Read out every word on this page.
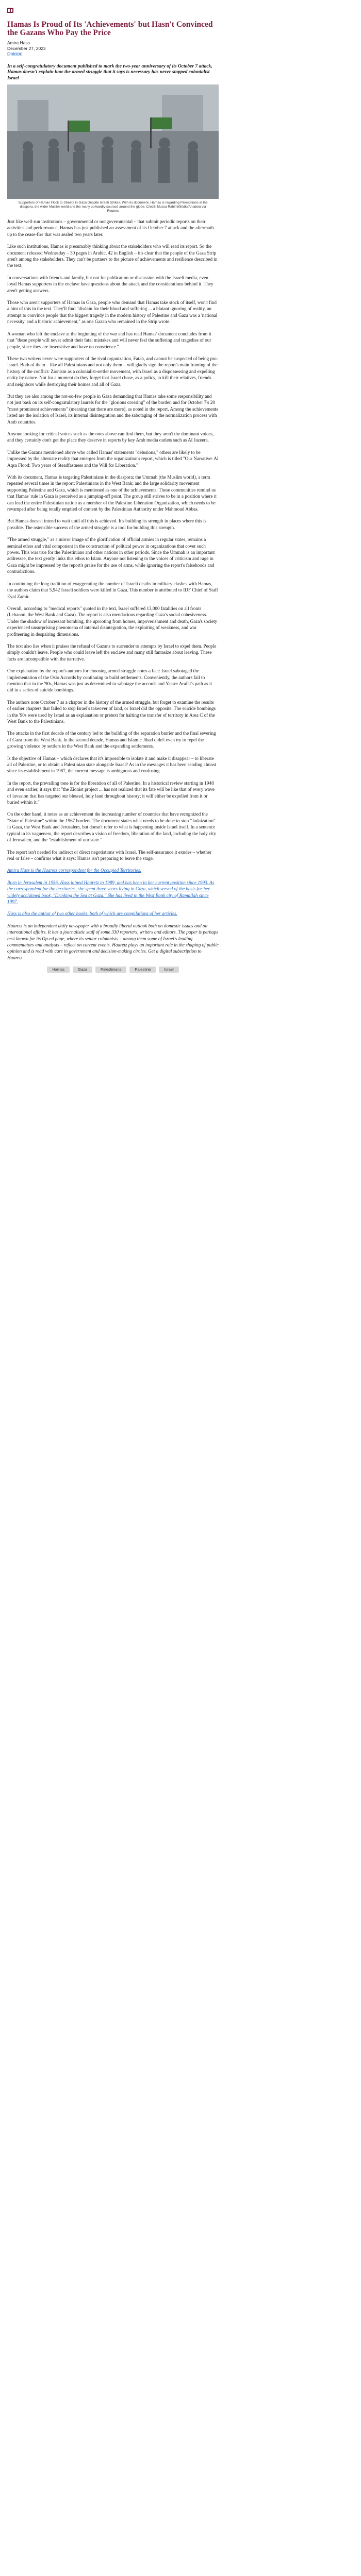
Hamas Is Proud of Its 'Achievements' but Hasn't Convinced the Gazans Who Pay the Price
Amira Hass
December 27, 2023
Opinion
In a self-congratulatory document published to mark the two-year anniversary of its October 7 attack, Hamas doesn't explain how the armed struggle that it says is necessary has never stopped colonialist Israel
Supporters of Hamas Flock to Streets in Gaza Despite Israeli Strikes. With its document, Hamas is regarding Palestinians in the diaspora, the wider Muslim world and the many outwardly-sourced around the globe. Credit: Mussa Rahimi/Stidio/Anadolu via Reuters

Just like well-run institutions – governmental or nongovernmental – that submit periodic reports on their activities and performance, Hamas has just published an assessment of its October 7 attack and the aftermath up to the cease-fire that was sealed two years later.

Like such institutions, Hamas is presumably thinking about the stakeholders who will read its report. So the document released Wednesday – 30 pages in Arabic, 42 in English – it's clear that the people of the Gaza Strip aren't among the stakeholders. They can't be partners to the picture of achievements and resilience described in the text.

In conversations with friends and family, but not for publication or discussion with the Israeli media, even loyal Hamas supporters in the enclave have questions about the attack and the considerations behind it. They aren't getting answers.

Those who aren't supporters of Hamas in Gaza, people who demand that Hamas take stock of itself, won't find a hint of this in the text. They'll find "disdain for their blood and suffering ... a blatant ignoring of reality, an attempt to convince people that the biggest tragedy in the modern history of Palestine and Gaza was a 'national necessity' and a historic achievement," as one Gazan who remained in the Strip wrote.

A woman who left the enclave at the beginning of the war and has read Hamas' document concludes from it that "these people will never admit their fatal mistakes and will never feel the suffering and tragedies of our people, since they are insensitive and have no conscience."

These two writers never were supporters of the rival organization, Fatah, and cannot be suspected of being pro-Israel. Both of them – like all Palestinians and not only them – will gladly sign the report's main framing of the history of the conflict: Zionism as a colonialist-settler movement, with Israel as a dispossessing and expelling entity by nature. Not for a moment do they forget that Israel chose, as a policy, to kill their relatives, friends and neighbors while destroying their homes and all of Gaza.

But they are also among the not-so-few people in Gaza demanding that Hamas take some responsibility and not just bask on its self-congratulatory laurels for the "glorious crossing" of the border, and for October 7's 20 "most prominent achievements" (meaning that there are more), as noted in the report. Among the achievements listed are the isolation of Israel, its internal disintegration and the sabotaging of the normalization process with Arab countries.

Anyone looking for critical voices such as the ones above can find them, but they aren't the dominant voices, and they certainly don't get the place they deserve in reports by key Arab media outlets such as Al Jazeera.

Unlike the Gazans mentioned above who called Hamas' statements "delusions," others are likely to be impressed by the alternate reality that emerges from the organization's report, which is titled "Our Narrative: Al Aqsa Flood: Two years of Steadfastness and the Will for Liberation."

With its document, Hamas is targeting Palestinians in the diaspora; the Ummah (the Muslim world), a term repeated several times in the report; Palestinians in the West Bank; and the large solidarity movement supporting Palestine and Gaza, which is mentioned as one of the achievements. These communities remind us that Hamas' rule in Gaza is perceived as a jumping-off point. The group still strives to be in a position where it can lead the entire Palestinian nation as a member of the Palestine Liberation Organization, which needs to be revamped after being totally emptied of content by the Palestinian Authority under Mahmoud Abbas.

But Hamas doesn't intend to wait until all this is achieved. It's building its strength in places where this is possible. The ostensible success of the armed struggle is a tool for building this strength.

"The armed struggle," as a mirror image of the glorification of official armies in regular states, remains a seminal ethos and vital component in the construction of political power in organizations that cover such power. This was true for the Palestinians and other nations in other periods. Since the Ummah is an important addressee, the text gently links this ethos to Islam. Anyone not listening to the voices of criticism and rage in Gaza might be impressed by the report's praise for the use of arms, while ignoring the report's falsehoods and contradictions.

In continuing the long tradition of exaggerating the number of Israeli deaths in military clashes with Hamas, the authors claim that 5,942 Israeli soldiers were killed in Gaza. This number is attributed to IDF Chief of Staff Eyal Zamir.

Overall, according to "medical reports" quoted in the text, Israel suffered 13,000 fatalities on all fronts (Lebanon, the West Bank and Gaza). The report is also mendacious regarding Gaza's social cohesiveness. Under the shadow of incessant bombing, the uprooting from homes, impoverishment and death, Gaza's society experienced unsurprising phenomena of internal disintegration, the exploiting of weakness, and war profiteering in despairing dimensions.

The text also lies when it praises the refusal of Gazans to surrender to attempts by Israel to expel them. People simply couldn't leave. People who could leave left the enclave and many still fantasize about leaving. These facts are incompatible with the narrative.

One explanation by the report's authors for choosing armed struggle notes a fact: Israel sabotaged the implementation of the Oslo Accords by continuing to build settlements. Conveniently, the authors fail to mention that in the '90s, Hamas was just as determined to sabotage the accords and Yasser Arafat's path as it did in a series of suicide bombings.

The authors note October 7 as a chapter in the history of the armed struggle, but forget to examine the results of earlier chapters that failed to stop Israel's takeover of land, or Israel did the opposite. The suicide bombings in the '90s were used by Israel as an explanation or pretext for halting the transfer of territory in Area C of the West Bank to the Palestinians.

The attacks in the first decade of the century led to the building of the separation barrier and the final severing of Gaza from the West Bank. In the second decade, Hamas and Islamic Jihad didn't even try to repel the growing violence by settlers in the West Bank and the expanding settlements.

Is the objective of Hamas – which declares that it's impossible to isolate it and make it disappear – to liberate all of Palestine, or to obtain a Palestinian state alongside Israel? As in the messages it has been sending almost since its establishment in 1987, the current message is ambiguous and confusing.

In the report, the prevailing tone is for the liberation of all of Palestine. In a historical review starting in 1948 and even earlier, it says that "the Zionist project ... has not realized that its fate will be like that of every wave of invasion that has targeted our blessed, holy land throughout history; it will either be expelled from it or buried within it."

On the other hand, it notes as an achievement the increasing number of countries that have recognized the "State of Palestine" within the 1967 borders. The document states what needs to be done to stop "Judaization" in Gaza, the West Bank and Jerusalem, but doesn't refer to what is happening inside Israel itself. In a sentence typical in its vagueness, the report describes a vision of freedom, liberation of the land, including the holy city of Jerusalem, and the "establishment of our state."

The report isn't needed for indirect or direct negotiations with Israel. The self-assurance it exudes – whether real or false – confirms what it says: Hamas isn't preparing to leave the stage.

Amira Hass is the Haaretz correspondent for the Occupied Territories.

Born in Jerusalem in 1956, Hass joined Haaretz in 1989, and has been in her current position since 1993. As the correspondent for the territories, she spent three years living in Gaza, which served of the basis for her widely acclaimed book, "Drinking the Sea at Gaza." She has lived in the West Bank city of Ramallah since 1997.

Hass is also the author of two other books, both of which are compilations of her articles.

Haaretz is an independent daily newspaper with a broadly liberal outlook both on domestic issues and on international affairs. It has a journalistic staff of some 330 reporters, writers and editors. The paper is perhaps best known for its Op-ed page, where its senior columnists – among them some of Israel's leading commentators and analysts – reflect on current events. Haaretz plays an important role in the shaping of public opinion and is read with care in government and decision-making circles. Get a digital subscription to Haaretz.

Hamas	Gaza	Palestinians	Palestine	Israel
